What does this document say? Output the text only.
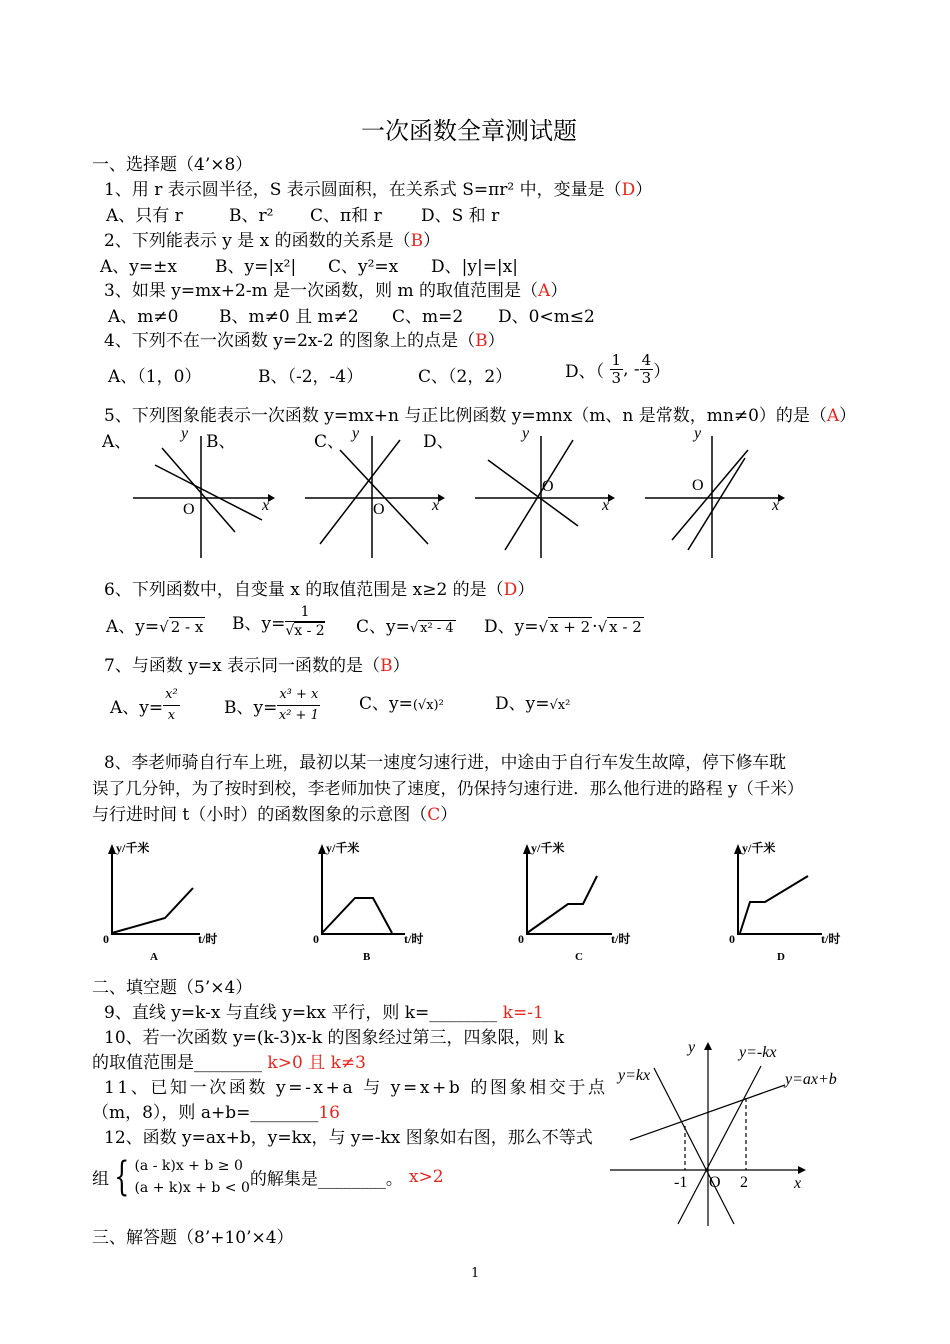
一次函数全章测试题
一、选择题（4’×8）
1、用 r 表示圆半径，S 表示圆面积，在关系式 S=πr² 中，变量是（D）
A、只有 r	B、r² C、π和 r D、S 和 r
2、下列能表示 y 是 x 的函数的关系是（B）
A、y=±x B、y=|x²| C、y²=x D、|y|=|x|
3、如果 y=mx+2-m 是一次函数，则 m 的取值范围是（A）
A、m≠0 B、m≠0 且 m≠2 C、m=2 D、0<m≤2
4、下列不在一次函数 y=2x-2 的图象上的点是（B）
A、（1，0）	B、（-2，-4）	C、（2，2）	D、（ $\frac{1}{3}$ , - $\frac{4}{3}$ ）
5、下列图象能表示一次函数 y=mx+n 与正比例函数 y=mnx（m、n 是常数，mn≠0）的是（A）
A、	B、	C、	D、
y
x
O
y
x
O
y
x
O
y
x
O
6、下列函数中，自变量 x 的取值范围是 x≥2 的是（D）
A、y=√ 2 - x B、$y= \frac{1}{√x - 2}$ C、y=√ x² - 4 D、y=√ x + 2 ·√ x - 2
7、与函数 y=x 表示同一函数的是（B）
A、$y= \frac{\text{x²}}{x}$	B、$y= \frac{\text{x³ + x}}{\text{x² + 1}}$ C、y=(√x)²	D、y=√x²
8、李老师骑自行车上班，最初以某一速度匀速行进，中途由于自行车发生故障，停下修车耽
误了几分钟，为了按时到校，李老师加快了速度，仍保持匀速行进．那么他行进的路程 y（千米）
与行进时间 t（小时）的函数图象的示意图（C）
y/千米
t/时
0
A
y/千米
t/时
0
B
y/千米
t/时
0
C
y/千米
t/时
0
D
二、填空题（5’×4）
9、直线 y=k-x 与直线 y=kx 平行，则 k=________ k=-1
10、若一次函数 y=(k-3)x-k 的图象经过第三，四象限，则 k
的取值范围是________ k>0 且 k≠3
11、已知一次函数 y=-x+a 与 y=x+b 的图象相交于点
（m，8），则 a+b=________16
12、函数 y=ax+b，y=kx，与 y=-kx 图象如右图，那么不等式
组 { (a - k)x + b ≥ 0
(a + k)x + b < 0 的解集是________。 x>2
y
x
O
-1	2
y=kx
y=-kx
y=ax+b
三、解答题（8’+10’×4）
1
